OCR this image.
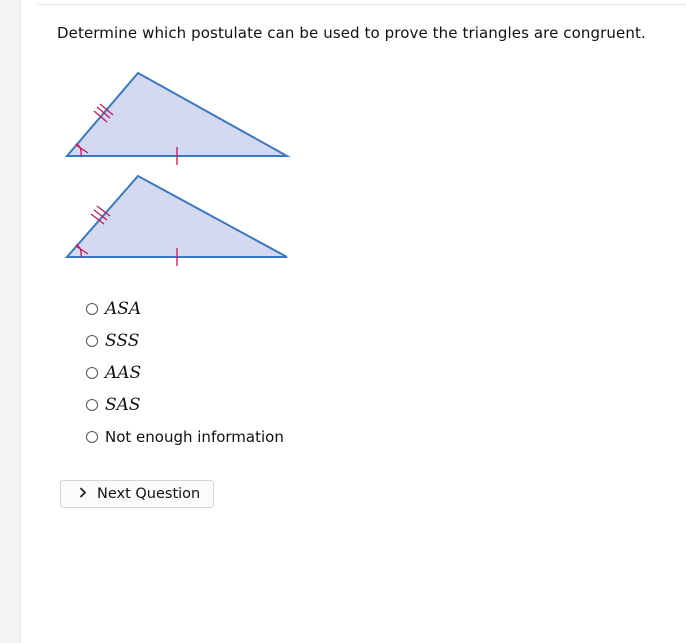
Determine which postulate can be used to prove the triangles are congruent.
ASA
SSS
AAS
SAS
Not enough information
Next Question
